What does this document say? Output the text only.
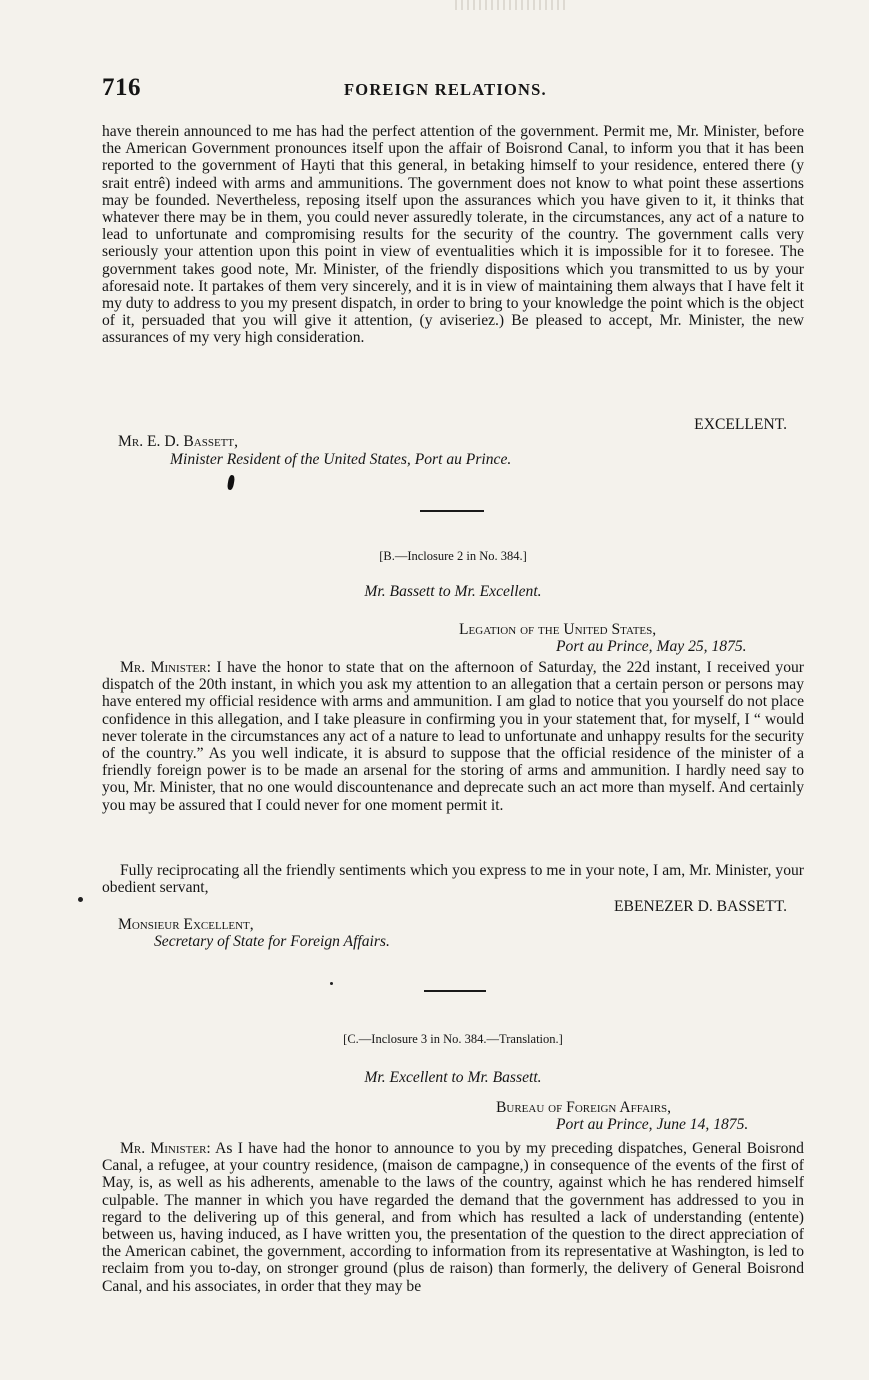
716	FOREIGN RELATIONS.

have therein announced to me has had the perfect attention of the government. Permit me, Mr. Minister, before the American Government pronounces itself upon the affair of Boisrond Canal, to inform you that it has been reported to the government of Hayti that this general, in betaking himself to your residence, entered there (y srait entrê) indeed with arms and ammunitions. The government does not know to what point these assertions may be founded. Nevertheless, reposing itself upon the assurances which you have given to it, it thinks that whatever there may be in them, you could never assuredly tolerate, in the circumstances, any act of a nature to lead to unfortunate and compromising results for the security of the country. The government calls very seriously your attention upon this point in view of eventualities which it is impossible for it to foresee. The government takes good note, Mr. Minister, of the friendly dispositions which you transmitted to us by your aforesaid note. It partakes of them very sincerely, and it is in view of maintaining them always that I have felt it my duty to address to you my present dispatch, in order to bring to your knowledge the point which is the object of it, persuaded that you will give it attention, (y aviseriez.) Be pleased to accept, Mr. Minister, the new assurances of my very high consideration.

EXCELLENT.
Mr. E. D. Bassett,
Minister Resident of the United States, Port au Prince.
[B.—Inclosure 2 in No. 384.]
Mr. Bassett to Mr. Excellent.
Legation of the United States,
Port au Prince, May 25, 1875.

Mr. Minister: I have the honor to state that on the afternoon of Saturday, the 22d instant, I received your dispatch of the 20th instant, in which you ask my attention to an allegation that a certain person or persons may have entered my official residence with arms and ammunition. I am glad to notice that you yourself do not place confidence in this allegation, and I take pleasure in confirming you in your statement that, for myself, I “ would never tolerate in the circumstances any act of a nature to lead to unfortunate and unhappy results for the security of the country.” As you well indicate, it is absurd to suppose that the official residence of the minister of a friendly foreign power is to be made an arsenal for the storing of arms and ammunition. I hardly need say to you, Mr. Minister, that no one would discountenance and deprecate such an act more than myself. And certainly you may be assured that I could never for one moment permit it.

Fully reciprocating all the friendly sentiments which you express to me in your note, I am, Mr. Minister, your obedient servant,

EBENEZER D. BASSETT.
Monsieur Excellent,
Secretary of State for Foreign Affairs.
[C.—Inclosure 3 in No. 384.—Translation.]
Mr. Excellent to Mr. Bassett.
Bureau of Foreign Affairs,
Port au Prince, June 14, 1875.

Mr. Minister: As I have had the honor to announce to you by my preceding dispatches, General Boisrond Canal, a refugee, at your country residence, (maison de campagne,) in consequence of the events of the first of May, is, as well as his adherents, amenable to the laws of the country, against which he has rendered himself culpable. The manner in which you have regarded the demand that the government has addressed to you in regard to the delivering up of this general, and from which has resulted a lack of understanding (entente) between us, having induced, as I have written you, the presentation of the question to the direct appreciation of the American cabinet, the government, according to information from its representative at Washington, is led to reclaim from you to-day, on stronger ground (plus de raison) than formerly, the delivery of General Boisrond Canal, and his associates, in order that they may be
